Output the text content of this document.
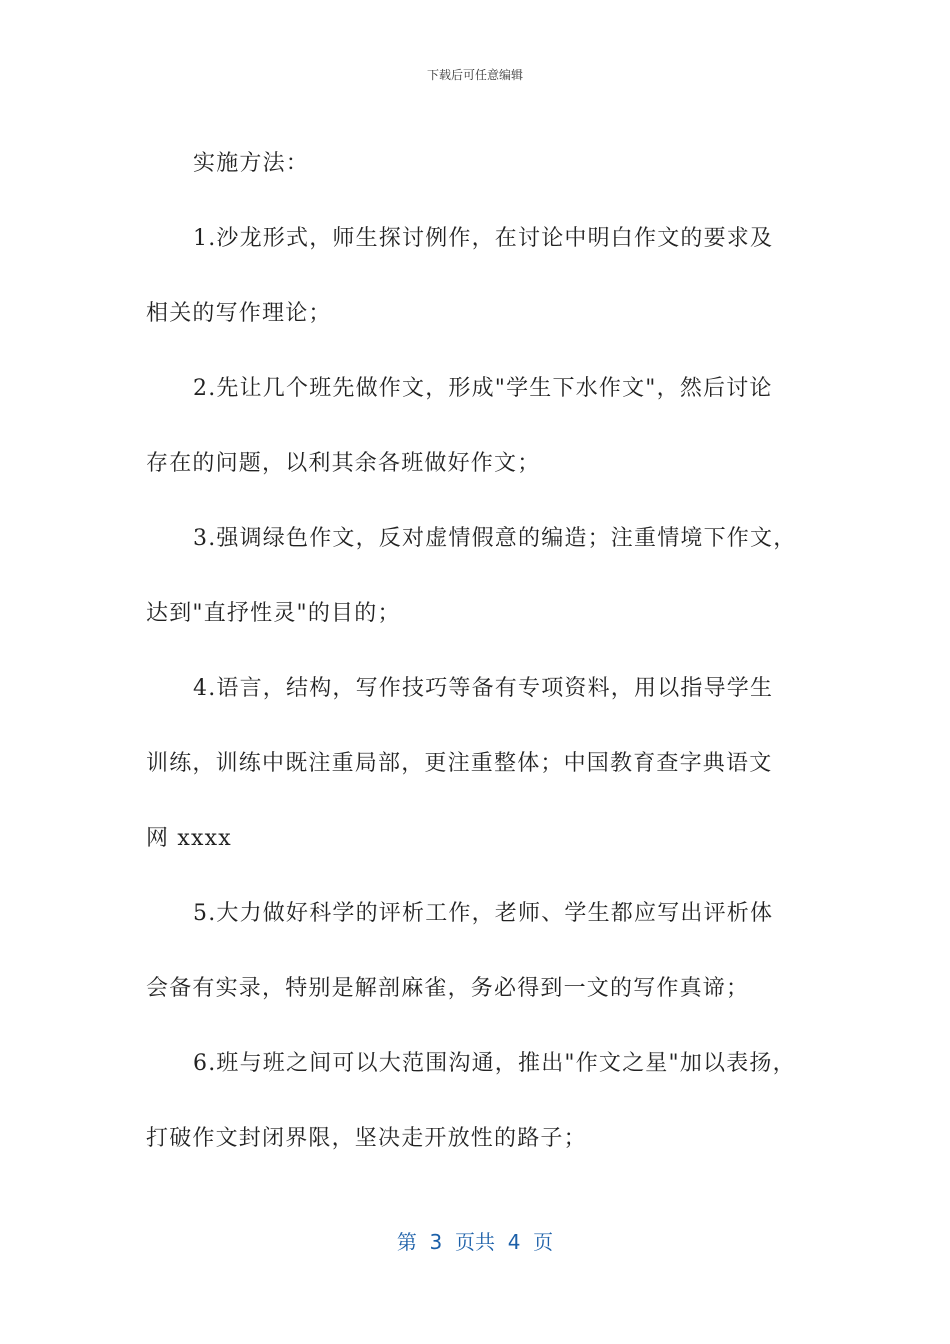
下载后可任意编辑
实施方法：
1.沙龙形式，师生探讨例作，在讨论中明白作文的要求及
相关的写作理论；
2.先让几个班先做作文，形成"学生下水作文"，然后讨论
存在的问题，以利其余各班做好作文；
3.强调绿色作文，反对虚情假意的编造；注重情境下作文，
达到"直抒性灵"的目的；
4.语言，结构，写作技巧等备有专项资料，用以指导学生
训练，训练中既注重局部，更注重整体；中国教育查字典语文
网 xxxx
5.大力做好科学的评析工作，老师、学生都应写出评析体
会备有实录，特别是解剖麻雀，务必得到一文的写作真谛；
6.班与班之间可以大范围沟通，推出"作文之星"加以表扬，
打破作文封闭界限，坚决走开放性的路子；
第  3  页共  4  页
